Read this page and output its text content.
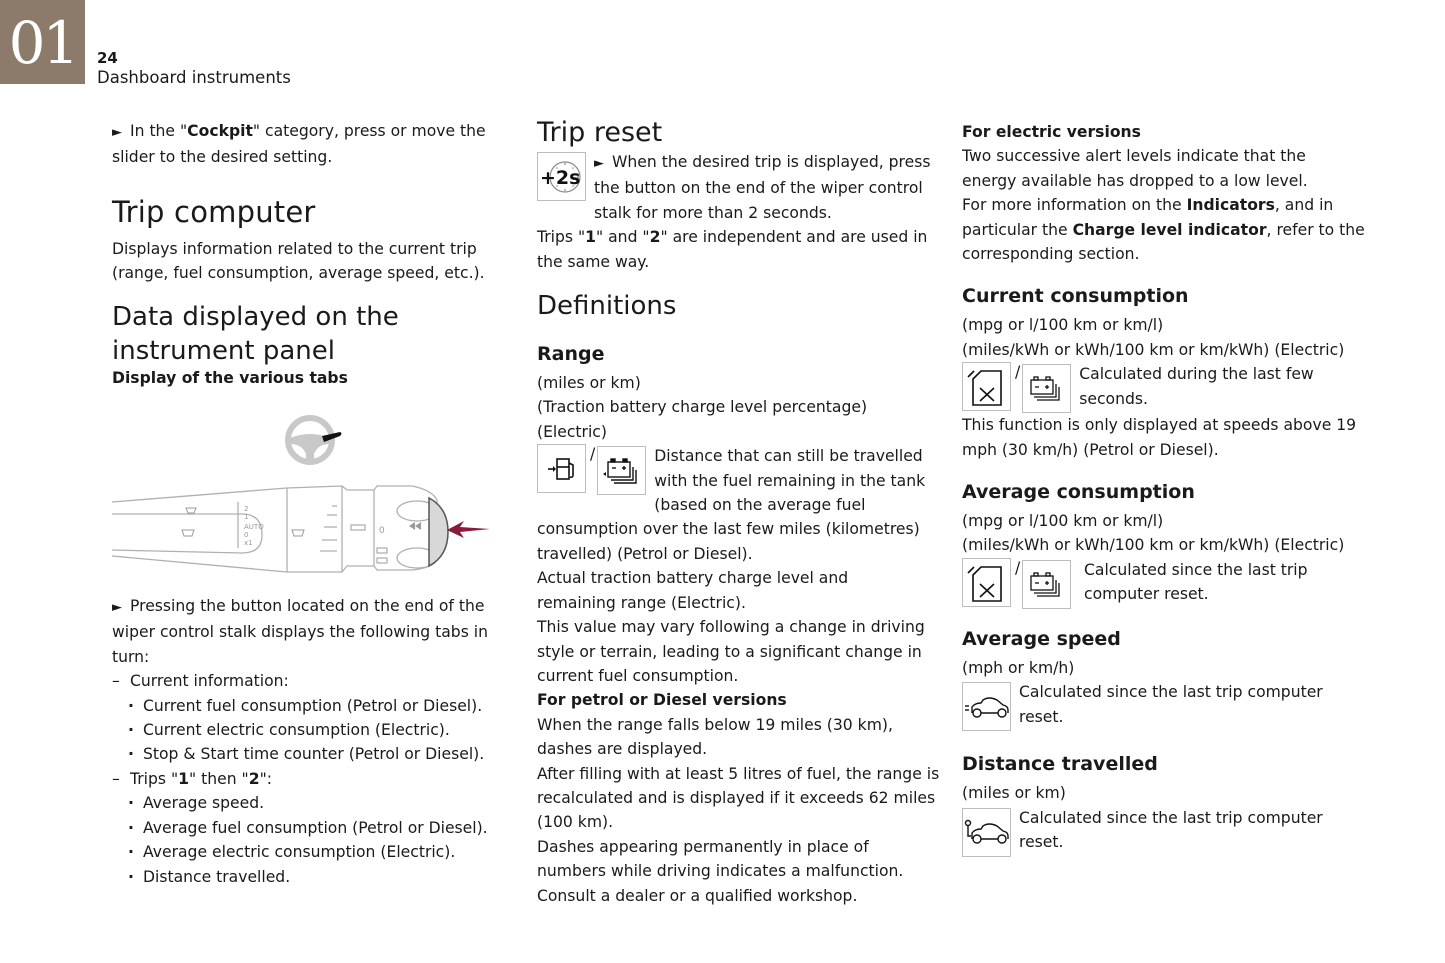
01	24
Dashboard instruments

► In the "Cockpit" category, press or move the slider to the desired setting.

Trip computer

Displays information related to the current trip (range, fuel consumption, average speed, etc.).

Data displayed on the instrument panel

Display of the various tabs

2
1
AUTO
0
x1
0

► Pressing the button located on the end of the wiper control stalk displays the following tabs in turn:

– Current information:
· Current fuel consumption (Petrol or Diesel).
· Current electric consumption (Electric).
· Stop & Start time counter (Petrol or Diesel).
– Trips "1" then "2":
· Average speed.
· Average fuel consumption (Petrol or Diesel).
· Average electric consumption (Electric).
· Distance travelled.
Trip reset
+2s

► When the desired trip is displayed, press the button on the end of the wiper control stalk for more than 2 seconds.

Trips "1" and "2" are independent and are used in the same way.

Definitions
Range

(miles or km)

(Traction battery charge level percentage) (Electric)

/	Distance that can still be travelled with the fuel remaining in the tank (based on the average fuel consumption over the last few miles (kilometres) travelled) (Petrol or Diesel).

Actual traction battery charge level and remaining range (Electric).

This value may vary following a change in driving style or terrain, leading to a significant change in current fuel consumption.

For petrol or Diesel versions

When the range falls below 19 miles (30 km), dashes are displayed.

After filling with at least 5 litres of fuel, the range is recalculated and is displayed if it exceeds 62 miles (100 km).

Dashes appearing permanently in place of numbers while driving indicates a malfunction. Consult a dealer or a qualified workshop.

For electric versions

Two successive alert levels indicate that the energy available has dropped to a low level.

For more information on the Indicators, and in particular the Charge level indicator, refer to the corresponding section.

Current consumption

(mpg or l/100 km or km/l)

(miles/kWh or kWh/100 km or km/kWh) (Electric)

/	Calculated during the last few seconds.

This function is only displayed at speeds above 19 mph (30 km/h) (Petrol or Diesel).

Average consumption

(mpg or l/100 km or km/l)

(miles/kWh or kWh/100 km or km/kWh) (Electric)

/	Calculated since the last trip computer reset.

Average speed

(mph or km/h)

Calculated since the last trip computer reset.

Distance travelled

(miles or km)

Calculated since the last trip computer reset.
